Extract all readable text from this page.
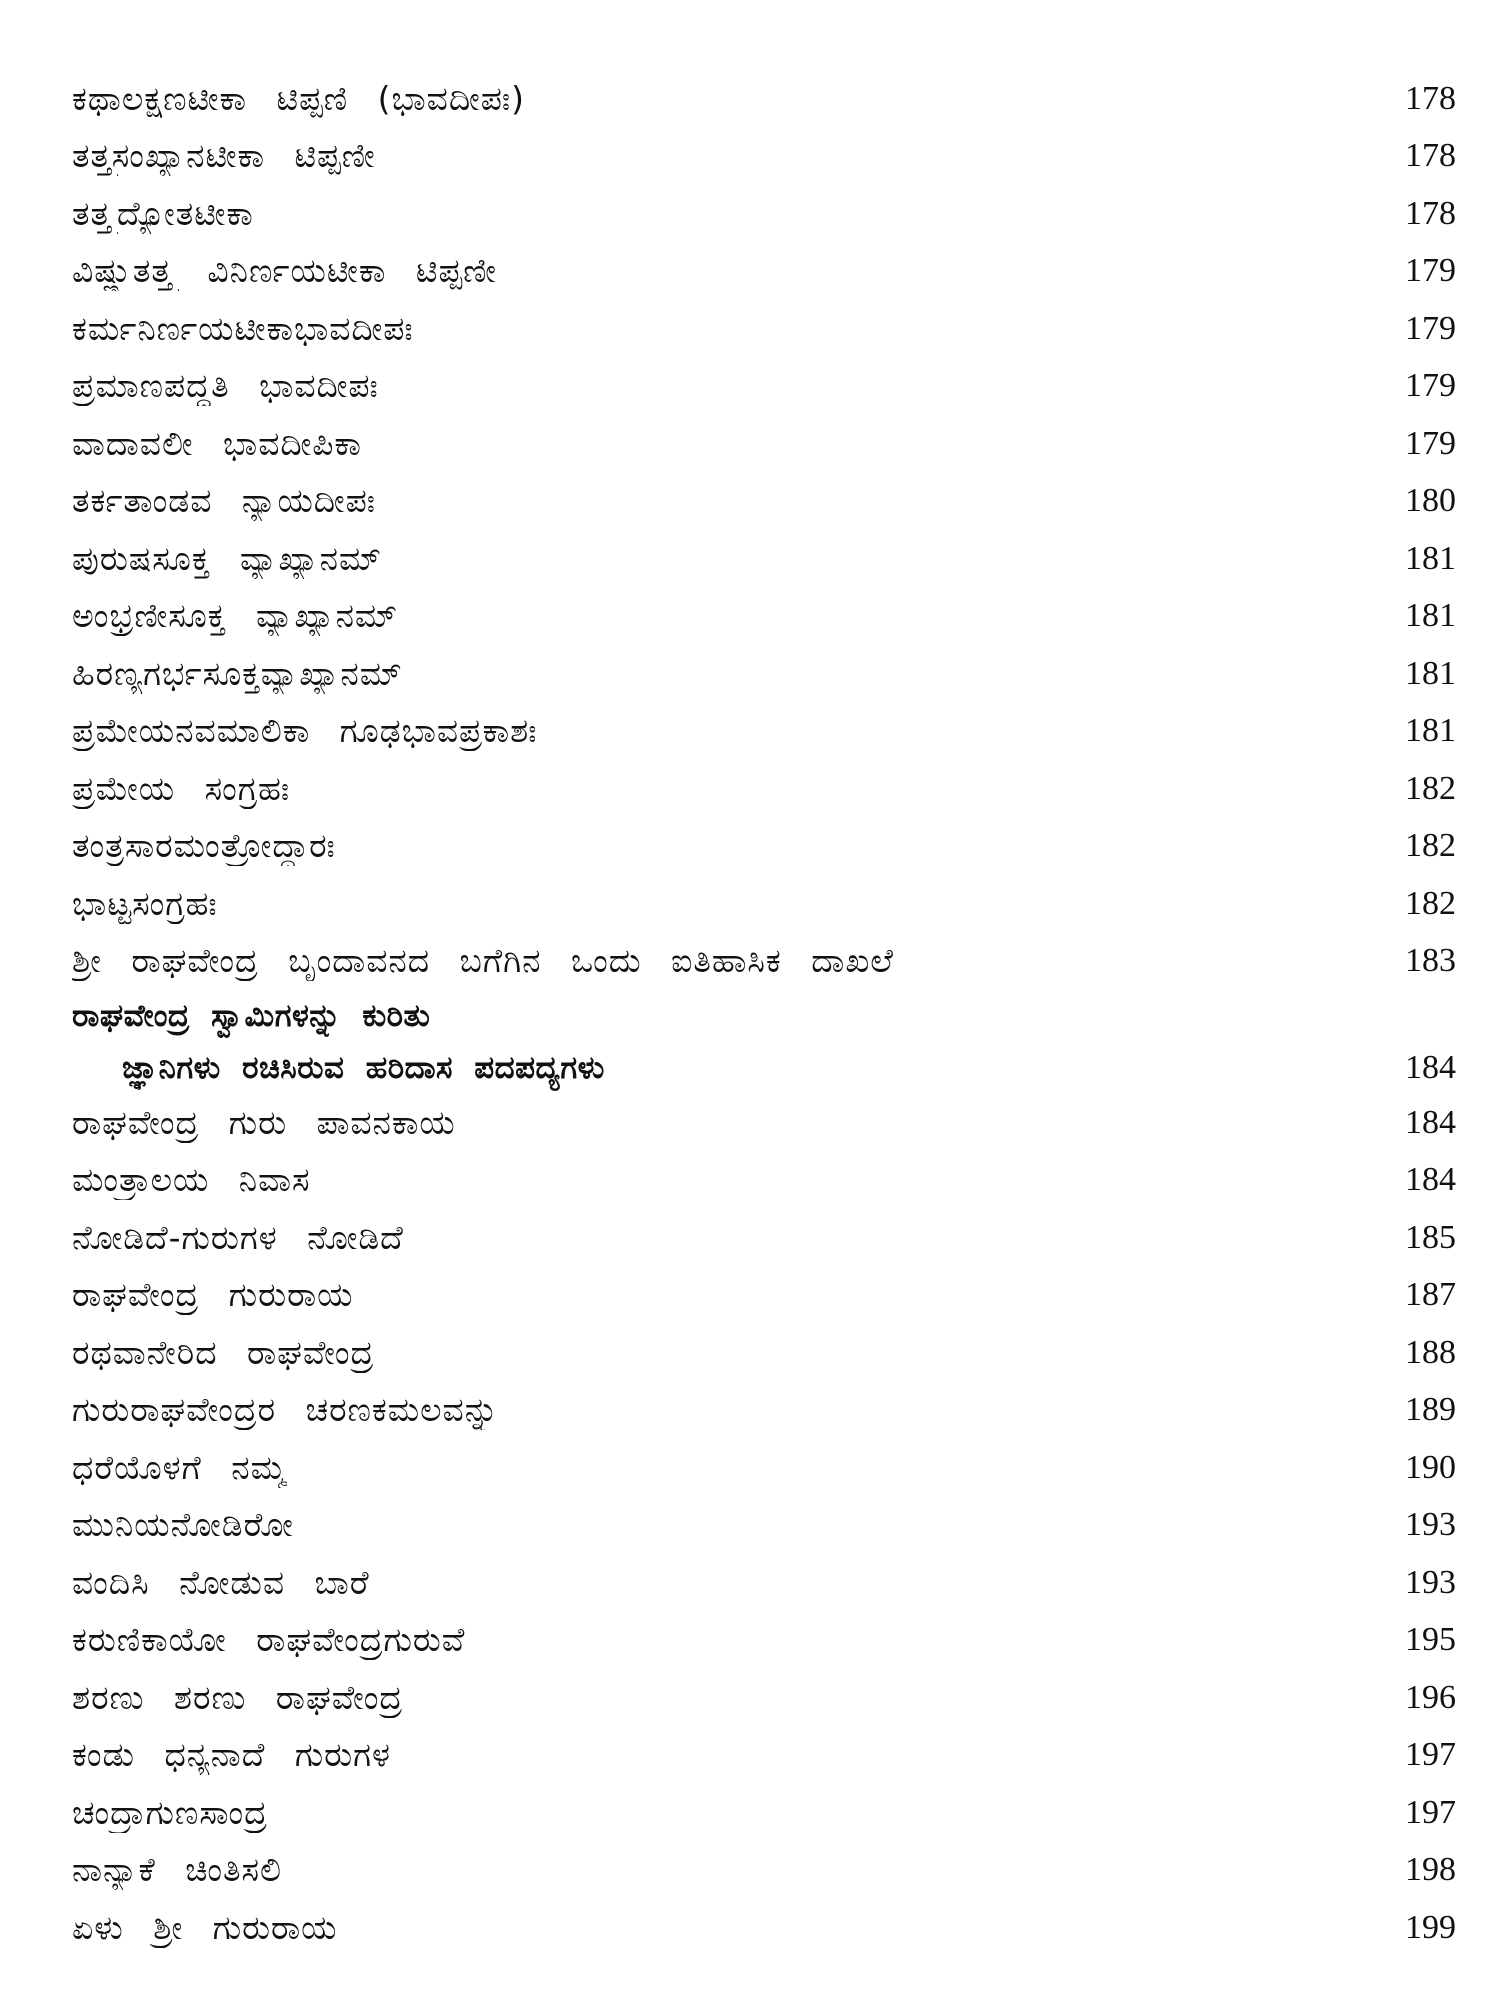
ಕಥಾಲಕ್ಷಣಟೀಕಾ ಟಿಪ್ಪಣಿ (ಭಾವದೀಪಃ)	178
ತತ್ತ್ವಸಂಖ್ಯಾನಟೀಕಾ ಟಿಪ್ಪಣೀ	178
ತತ್ತ್ವದ್ಯೋತಟೀಕಾ	178
ವಿಷ್ಣುತತ್ತ್ವ ವಿನಿರ್ಣಯಟೀಕಾ ಟಿಪ್ಪಣೀ	179
ಕರ್ಮನಿರ್ಣಯಟೀಕಾಭಾವದೀಪಃ	179
ಪ್ರಮಾಣಪದ್ಧತಿ ಭಾವದೀಪಃ	179
ವಾದಾವಲೀ ಭಾವದೀಪಿಕಾ	179
ತರ್ಕತಾಂಡವ ನ್ಯಾಯದೀಪಃ	180
ಪುರುಷಸೂಕ್ತ ವ್ಯಾಖ್ಯಾನಮ್	181
ಅಂಭ್ರಣೀಸೂಕ್ತ ವ್ಯಾಖ್ಯಾನಮ್	181
ಹಿರಣ್ಯಗರ್ಭಸೂಕ್ತವ್ಯಾಖ್ಯಾನಮ್	181
ಪ್ರಮೇಯನವಮಾಲಿಕಾ ಗೂಢಭಾವಪ್ರಕಾಶಃ	181
ಪ್ರಮೇಯ ಸಂಗ್ರಹಃ	182
ತಂತ್ರಸಾರಮಂತ್ರೋದ್ಧಾರಃ	182
ಭಾಟ್ಟಸಂಗ್ರಹಃ	182
ಶ್ರೀ ರಾಘವೇಂದ್ರ ಬೃಂದಾವನದ ಬಗೆಗಿನ ಒಂದು ಐತಿಹಾಸಿಕ ದಾಖಲೆ	183
ರಾಘವೇಂದ್ರ ಸ್ವಾಮಿಗಳನ್ನು ಕುರಿತು
ಜ್ಞಾನಿಗಳು ರಚಿಸಿರುವ ಹರಿದಾಸ ಪದಪದ್ಯಗಳು	184
ರಾಘವೇಂದ್ರ ಗುರು ಪಾವನಕಾಯ	184
ಮಂತ್ರಾಲಯ ನಿವಾಸ	184
ನೋಡಿದೆ-ಗುರುಗಳ ನೋಡಿದೆ	185
ರಾಘವೇಂದ್ರ ಗುರುರಾಯ	187
ರಥವಾನೇರಿದ ರಾಘವೇಂದ್ರ	188
ಗುರುರಾಘವೇಂದ್ರರ ಚರಣಕಮಲವನ್ನು	189
ಧರೆಯೊಳಗೆ ನಮ್ಮ	190
ಮುನಿಯನೋಡಿರೋ	193
ವಂದಿಸಿ ನೋಡುವ ಬಾರೆ	193
ಕರುಣಿಕಾಯೋ ರಾಘವೇಂದ್ರಗುರುವೆ	195
ಶರಣು ಶರಣು ರಾಘವೇಂದ್ರ	196
ಕಂಡು ಧನ್ಯನಾದೆ ಗುರುಗಳ	197
ಚಂದ್ರಾಗುಣಸಾಂದ್ರ	197
ನಾನ್ಯಾಕೆ ಚಿಂತಿಸಲಿ	198
ಏಳು ಶ್ರೀ ಗುರುರಾಯ	199
